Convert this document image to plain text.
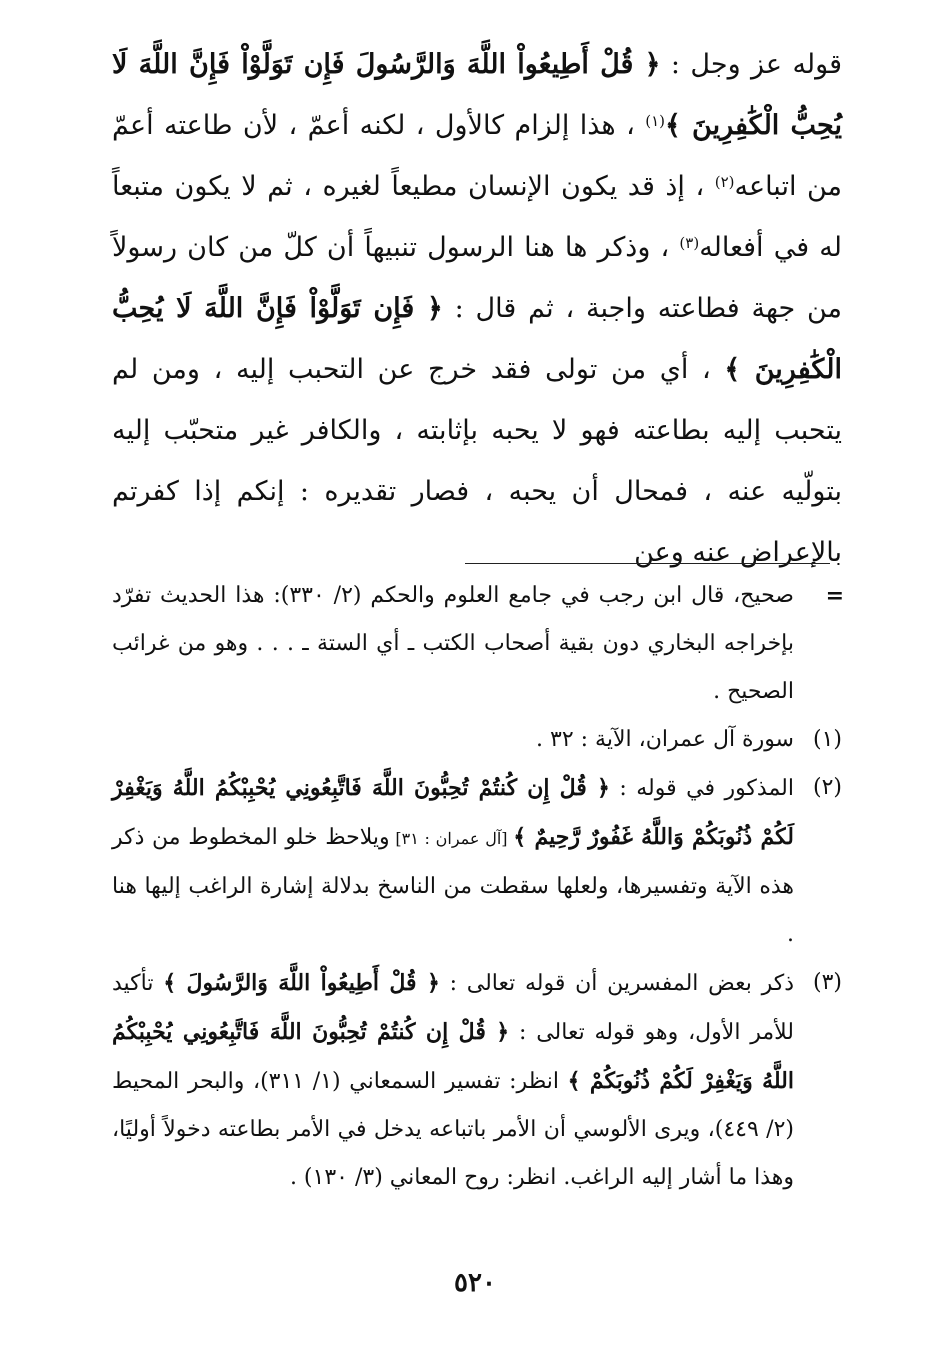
قوله عز وجل : ﴿ قُلْ أَطِيعُواْ اللَّهَ وَالرَّسُولَ فَإِن تَوَلَّوْاْ فَإِنَّ اللَّهَ لَا يُحِبُّ الْكَٰفِرِينَ ﴾$^{(١)}$ ، هذا إلزام كالأول ، لكنه أعمّ ، لأن طاعته أعمّ من اتباعه$^{(٢)}$ ، إذ قد يكون الإنسان مطيعاً لغيره ، ثم لا يكون متبعاً له في أفعاله$^{(٣)}$ ، وذكر ها هنا الرسول تنبيهاً أن كلّ من كان رسولاً من جهة فطاعته واجبة ، ثم قال : ﴿ فَإِن تَوَلَّوْاْ فَإِنَّ اللَّهَ لَا يُحِبُّ الْكَٰفِرِينَ ﴾ ، أي من تولى فقد خرج عن التحبب إليه ، ومن لم يتحبب إليه بطاعته فهو لا يحبه بإثابته ، والكافر غير متحبّب إليه بتولّيه عنه ، فمحال أن يحبه ، فصار تقديره : إنكم إذا كفرتم بالإعراض عنه وعن

=
صحيح، قال ابن رجب في جامع العلوم والحكم (٢/ ٣٣٠): هذا الحديث تفرّد بإخراجه البخاري دون بقية أصحاب الكتب ـ أي الستة ـ . . . وهو من غرائب الصحيح .
(١)
سورة آل عمران، الآية : ٣٢ .
(٢)
المذكور في قوله : ﴿ قُلْ إِن كُنتُمْ تُحِبُّونَ اللَّهَ فَاتَّبِعُونِي يُحْبِبْكُمُ اللَّهُ وَيَغْفِرْ لَكُمْ ذُنُوبَكُمْ وَاللَّهُ غَفُورٌ رَّحِيمٌ ﴾ [آل عمران : ٣١] ويلاحظ خلو المخطوط من ذكر هذه الآية وتفسيرها، ولعلها سقطت من الناسخ بدلالة إشارة الراغب إليها هنا .
(٣)
ذكر بعض المفسرين أن قوله تعالى : ﴿ قُلْ أَطِيعُواْ اللَّهَ وَالرَّسُولَ ﴾ تأكيد للأمر الأول، وهو قوله تعالى : ﴿ قُلْ إِن كُنتُمْ تُحِبُّونَ اللَّهَ فَاتَّبِعُونِي يُحْبِبْكُمُ اللَّهُ وَيَغْفِرْ لَكُمْ ذُنُوبَكُمْ ﴾ انظر: تفسير السمعاني (١/ ٣١١)، والبحر المحيط (٢/ ٤٤٩)، ويرى الألوسي أن الأمر باتباعه يدخل في الأمر بطاعته دخولاً أوليًا، وهذا ما أشار إليه الراغب. انظر: روح المعاني (٣/ ١٣٠) .
٥٢٠
